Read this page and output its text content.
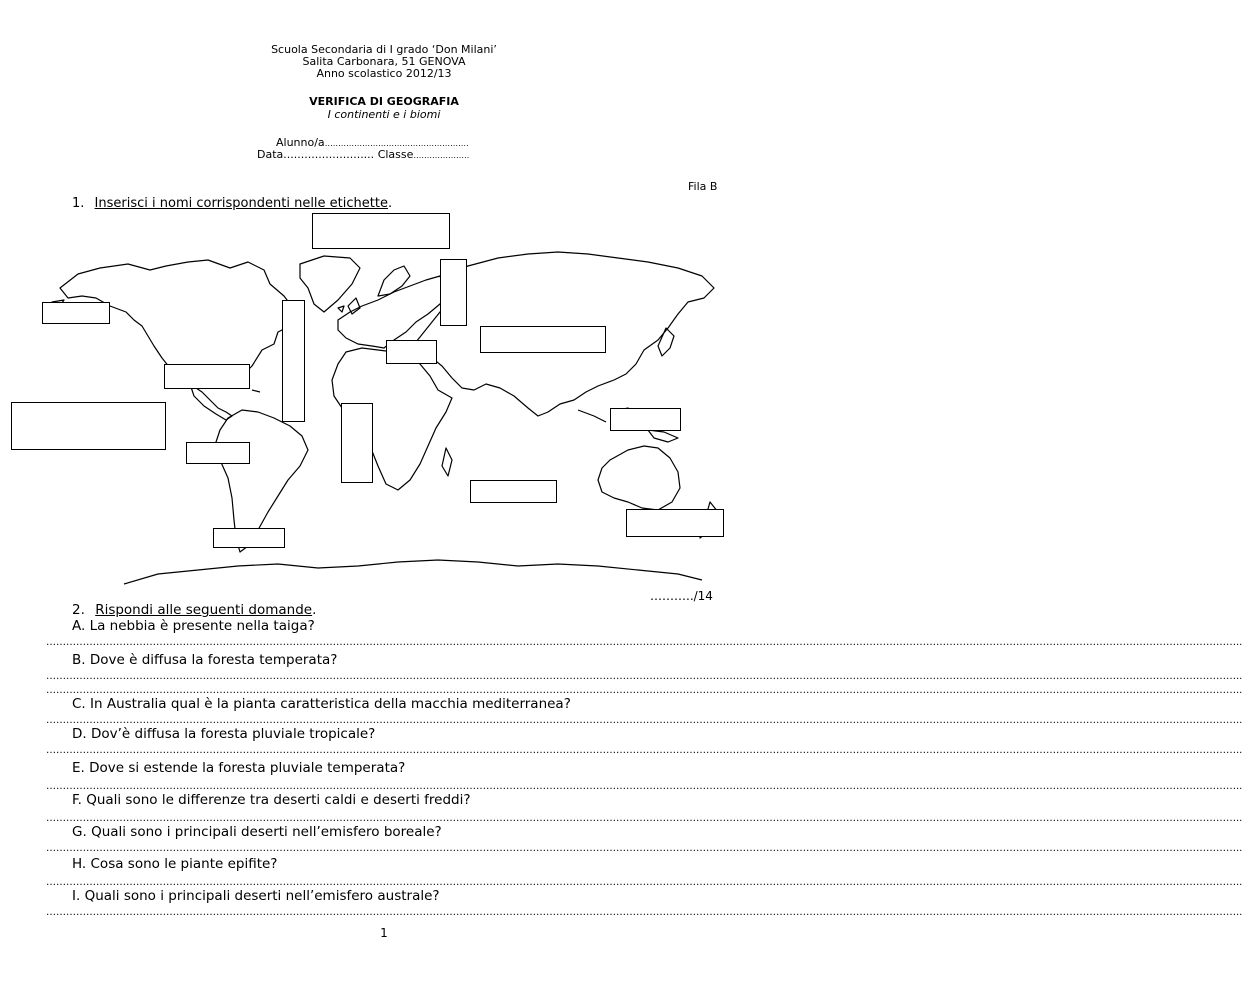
Scuola Secondaria di I grado ‘Don Milani’
Salita Carbonara, 51 GENOVA
Anno scolastico 2012/13
VERIFICA DI GEOGRAFIA
I continenti e i biomi
Alunno/a………………………………………………
Data.......................... Classe…………………
Fila B
1. Inserisci i nomi corrispondenti nelle etichette.
………../14
2. Rispondi alle seguenti domande.
A. La nebbia è presente nella taiga?
……………………………………………………………………………………………………………………………………………………………………………………………………………………………………………………………………………………………………………………………..
B. Dove è diffusa la foresta temperata?
……………………………………………………………………………………………………………………………………………………………………………………………………………………………………………………………………………………………………………………………..
……………………………………………………………………………………………………………………………………………………………………………………………………………………………………………………………………………………………………………………………..
C. In Australia qual è la pianta caratteristica della macchia mediterranea?
……………………………………………………………………………………………………………………………………………………………………………………………………………………………………………………………………………………………………………………………..
D. Dov’è diffusa la foresta pluviale tropicale?
……………………………………………………………………………………………………………………………………………………………………………………………………………………………………………………………………………………………………………………………..
E. Dove si estende la foresta pluviale temperata?
……………………………………………………………………………………………………………………………………………………………………………………………………………………………………………………………………………………………………………………………..
F. Quali sono le differenze tra deserti caldi e deserti freddi?
……………………………………………………………………………………………………………………………………………………………………………………………………………………………………………………………………………………………………………………………..
G. Quali sono i principali deserti nell’emisfero boreale?
……………………………………………………………………………………………………………………………………………………………………………………………………………………………………………………………………………………………………………………………..
H. Cosa sono le piante epifite?
……………………………………………………………………………………………………………………………………………………………………………………………………………………………………………………………………………………………………………………………..
I. Quali sono i principali deserti nell’emisfero australe?
……………………………………………………………………………………………………………………………………………………………………………………………………………………………………………………………………………………………………………………………..
1
